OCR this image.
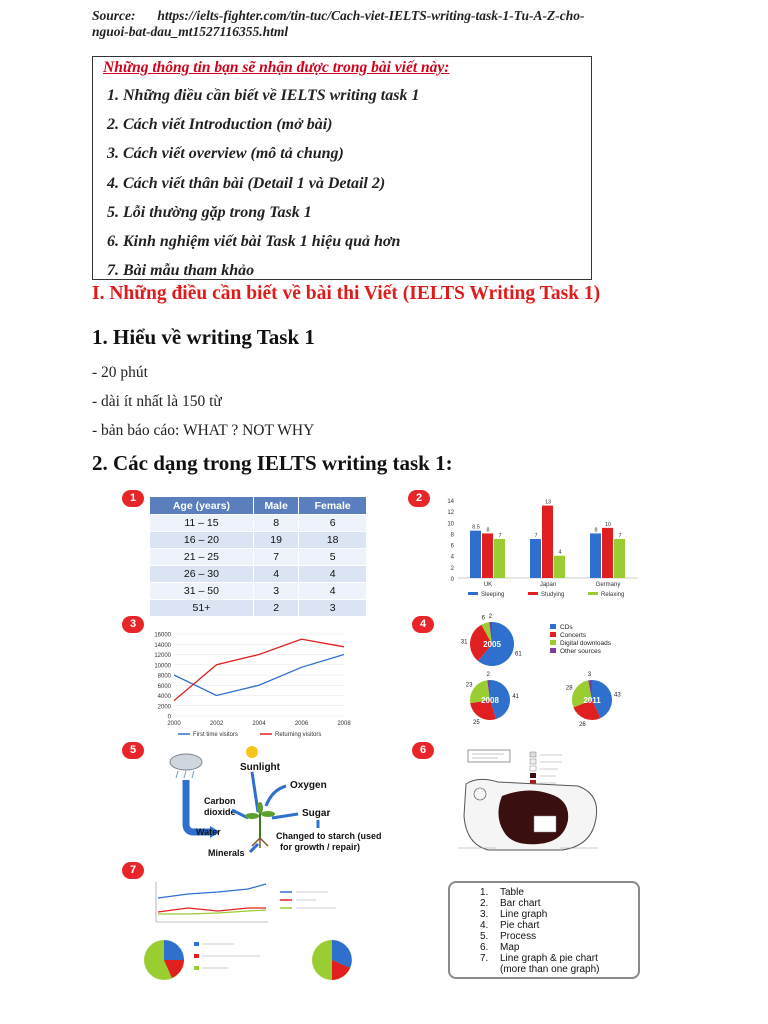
Source: https://ielts-fighter.com/tin-tuc/Cach-viet-IELTS-writing-task-1-Tu-A-Z-cho-
nguoi-bat-dau_mt1527116355.html
Những thông tin bạn sẽ nhận được trong bài viết này:
1. Những điều cần biết về IELTS writing task 1
2. Cách viết Introduction (mở bài)
3. Cách viết overview (mô tả chung)
4. Cách viết thân bài (Detail 1 và Detail 2)
5. Lỗi thường gặp trong Task 1
6. Kinh nghiệm viết bài Task 1 hiệu quả hơn
7. Bài mẫu tham khảo
I. Những điều cần biết về bài thi Viết (IELTS Writing Task 1)
1. Hiểu về writing Task 1
- 20 phút
- dài ít nhất là 150 từ
- bản báo cáo: WHAT ? NOT WHY
2. Các dạng trong IELTS writing task 1:
1	2
3	4
5	6
7
Age (years)	Male	Female
11 – 15	8	6
16 – 20	19	18
21 – 25	7	5
26 – 30	4	4
31 – 50	3	4
51+	2	3
0
2
4
6
8
10
12
14
8.5 8
7
UK
7
13
4
Japan
8
10
7
Germany
Sleeping	Studying	Relaxing
0
2000
4000
6000
8000
10000
12000
14000
16000
2000	2002	2004	2006	2008
First time visitors	Returning visitors
61
31
6 2
2005
41
25
23
2
2008
43
26
28
3
2011
CDs
Concerts
Digital downloads
Other sources
Sunlight
Carbon
dioxide
Oxygen
Sugar
Changed to starch (used
for growth / repair)
Water
Minerals
1. Table
2. Bar chart
3. Line graph
4. Pie chart
5. Process
6. Map
7. Line graph & pie chart
(more than one graph)
